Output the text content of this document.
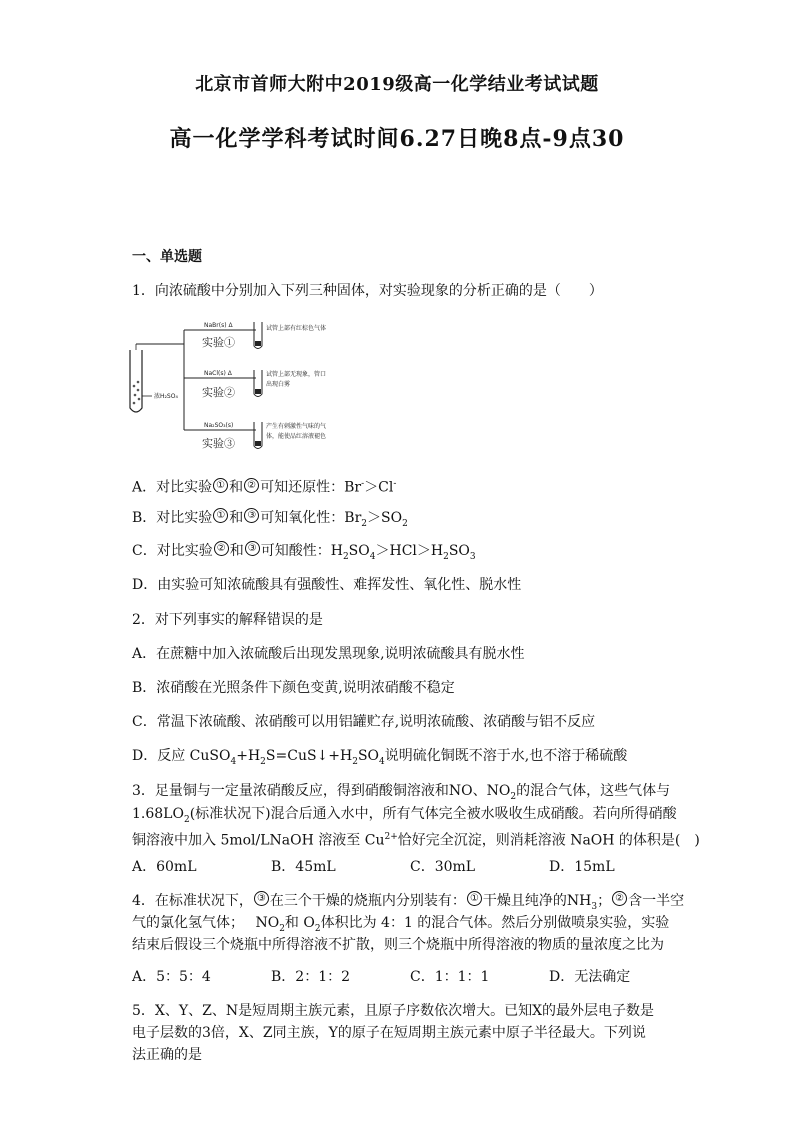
北京市首师大附中2019级高一化学结业考试试题
高一化学学科考试时间6.27日晚8点-9点30
一、单选题
1．向浓硫酸中分别加入下列三种固体，对实验现象的分析正确的是（　　）
浓H₂SO₄
NaBr(s) Δ
NaCl(s) Δ
Na₂SO₃(s)
实验①
实验②
实验③
试管上部有红棕色气体
试管上部无现象，管口
出现白雾
产生有刺激性气味的气
体，能使品红溶液褪色
A．对比实验 ① 和 ② 可知还原性：Br-＞Cl-
B．对比实验 ① 和 ③ 可知氧化性：$Br_2>SO_2$
C．对比实验 ② 和 ③ 可知酸性：$H_2SO_4>HCl>H_2SO_3$
D．由实验可知浓硫酸具有强酸性、难挥发性、氧化性、脱水性
2．对下列事实的解释错误的是
A．在蔗糖中加入浓硫酸后出现发黑现象,说明浓硫酸具有脱水性
B．浓硝酸在光照条件下颜色变黄,说明浓硝酸不稳定
C．常温下浓硫酸、浓硝酸可以用铝罐贮存,说明浓硫酸、浓硝酸与铝不反应
D．反应 $CuSO_4+H_2S=CuS↓+H_2SO_4$说明硫化铜既不溶于水,也不溶于稀硫酸
3．足量铜与一定量浓硝酸反应，得到硝酸铜溶液和NO、$NO_2$的混合气体，这些气体与
$1.68LO_2$(标准状况下)混合后通入水中，所有气体完全被水吸收生成硝酸。若向所得硝酸
铜溶液中加入 5mol/LNaOH 溶液至 $Cu^{2+}$恰好完全沉淀，则消耗溶液 NaOH 的体积是(　)
A．60mL	B．45mL	C．30mL	D．15mL
4．在标准状况下， ③ 在三个干燥的烧瓶内分别装有： ① 干燥且纯净的$NH_3$； ② 含一半空
气的氯化氢气体；　 $NO_2$和 $O_2$体积比为 4：1 的混合气体。然后分别做喷泉实验，实验
结束后假设三个烧瓶中所得溶液不扩散，则三个烧瓶中所得溶液的物质的量浓度之比为
A．5：5：4	B．2：1：2	C．1：1：1	D．无法确定
5．X、Y、Z、N是短周期主族元素，且原子序数依次增大。已知X的最外层电子数是
电子层数的3倍，X、Z同主族，Y的原子在短周期主族元素中原子半径最大。下列说
法正确的是
